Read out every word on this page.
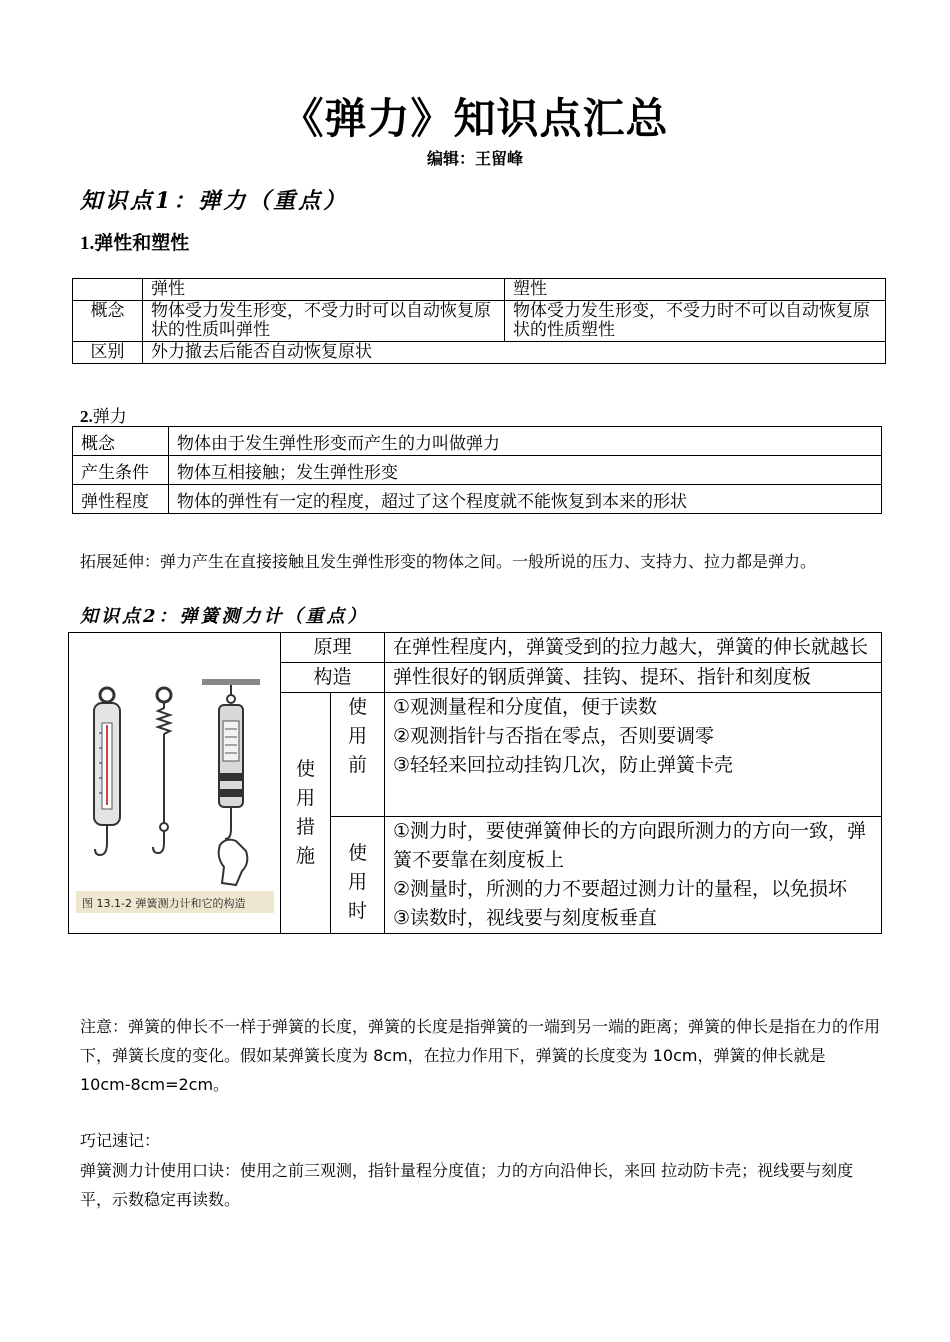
《弹力》知识点汇总
编辑：王留峰
知识点1：弹力（重点）
1.弹性和塑性
	弹性	塑性
概念	物体受力发生形变，不受力时可以自动恢复原状的性质叫弹性	物体受力发生形变，不受力时不可以自动恢复原状的性质塑性
区别	外力撤去后能否自动恢复原状	
2.弹力
概念	物体由于发生弹性形变而产生的力叫做弹力
产生条件	物体互相接触；发生弹性形变
弹性程度	物体的弹性有一定的程度，超过了这个程度就不能恢复到本来的形状
拓展延伸：弹力产生在直接接触且发生弹性形变的物体之间。一般所说的压力、支持力、拉力都是弹力。
知识点2：弹簧测力计（重点）
图 13.1-2 弹簧测力计和它的构造	原理		在弹性程度内，弹簧受到的拉力越大，弹簧的伸长就越长
	构造		弹性很好的钢质弹簧、挂钩、提环、指针和刻度板
	使用措施	使用前	①观测量程和分度值，便于读数
②观测指针与否指在零点，否则要调零
③轻轻来回拉动挂钩几次，防止弹簧卡壳

		使用时	①测力时，要使弹簧伸长的方向跟所测力的方向一致，弹簧不要靠在刻度板上
②测量时，所测的力不要超过测力计的量程，以免损坏
③读数时，视线要与刻度板垂直
注意：弹簧的伸长不一样于弹簧的长度，弹簧的长度是指弹簧的一端到另一端的距离；弹簧的伸长是指在力的作用下，弹簧长度的变化。假如某弹簧长度为 8cm，在拉力作用下，弹簧的长度变为 10cm，弹簧的伸长就是 10cm-8cm=2cm。
巧记速记：
弹簧测力计使用口诀：使用之前三观测，指针量程分度值；力的方向沿伸长，来回 拉动防卡壳；视线要与刻度平，示数稳定再读数。
